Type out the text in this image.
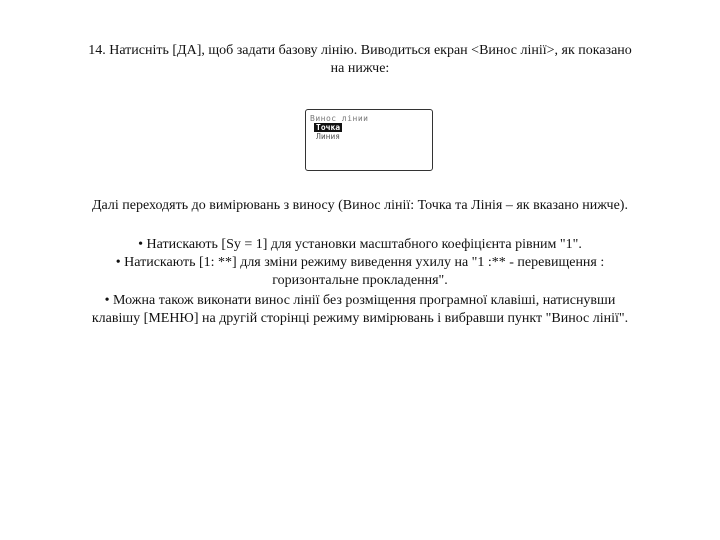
14. Натисніть [ДА], щоб задати базову лінію. Виводиться екран <Винос лінії>, як показано
на нижче:
Винос лінии
Точка
Линия
Далі переходять до вимірювань з виносу (Винос лінії: Точка та Лінія – як вказано нижче).
• Натискають [Sy = 1] для установки масштабного коефіцієнта рівним "1".
• Натискають [1: **] для зміни режиму виведення ухилу на "1 :** - перевищення :
горизонтальне прокладення".
• Можна також виконати винос лінії без розміщення програмної клавіші, натиснувши
клавішу [МЕНЮ] на другій сторінці режиму вимірювань і вибравши пункт "Винос лінії".
